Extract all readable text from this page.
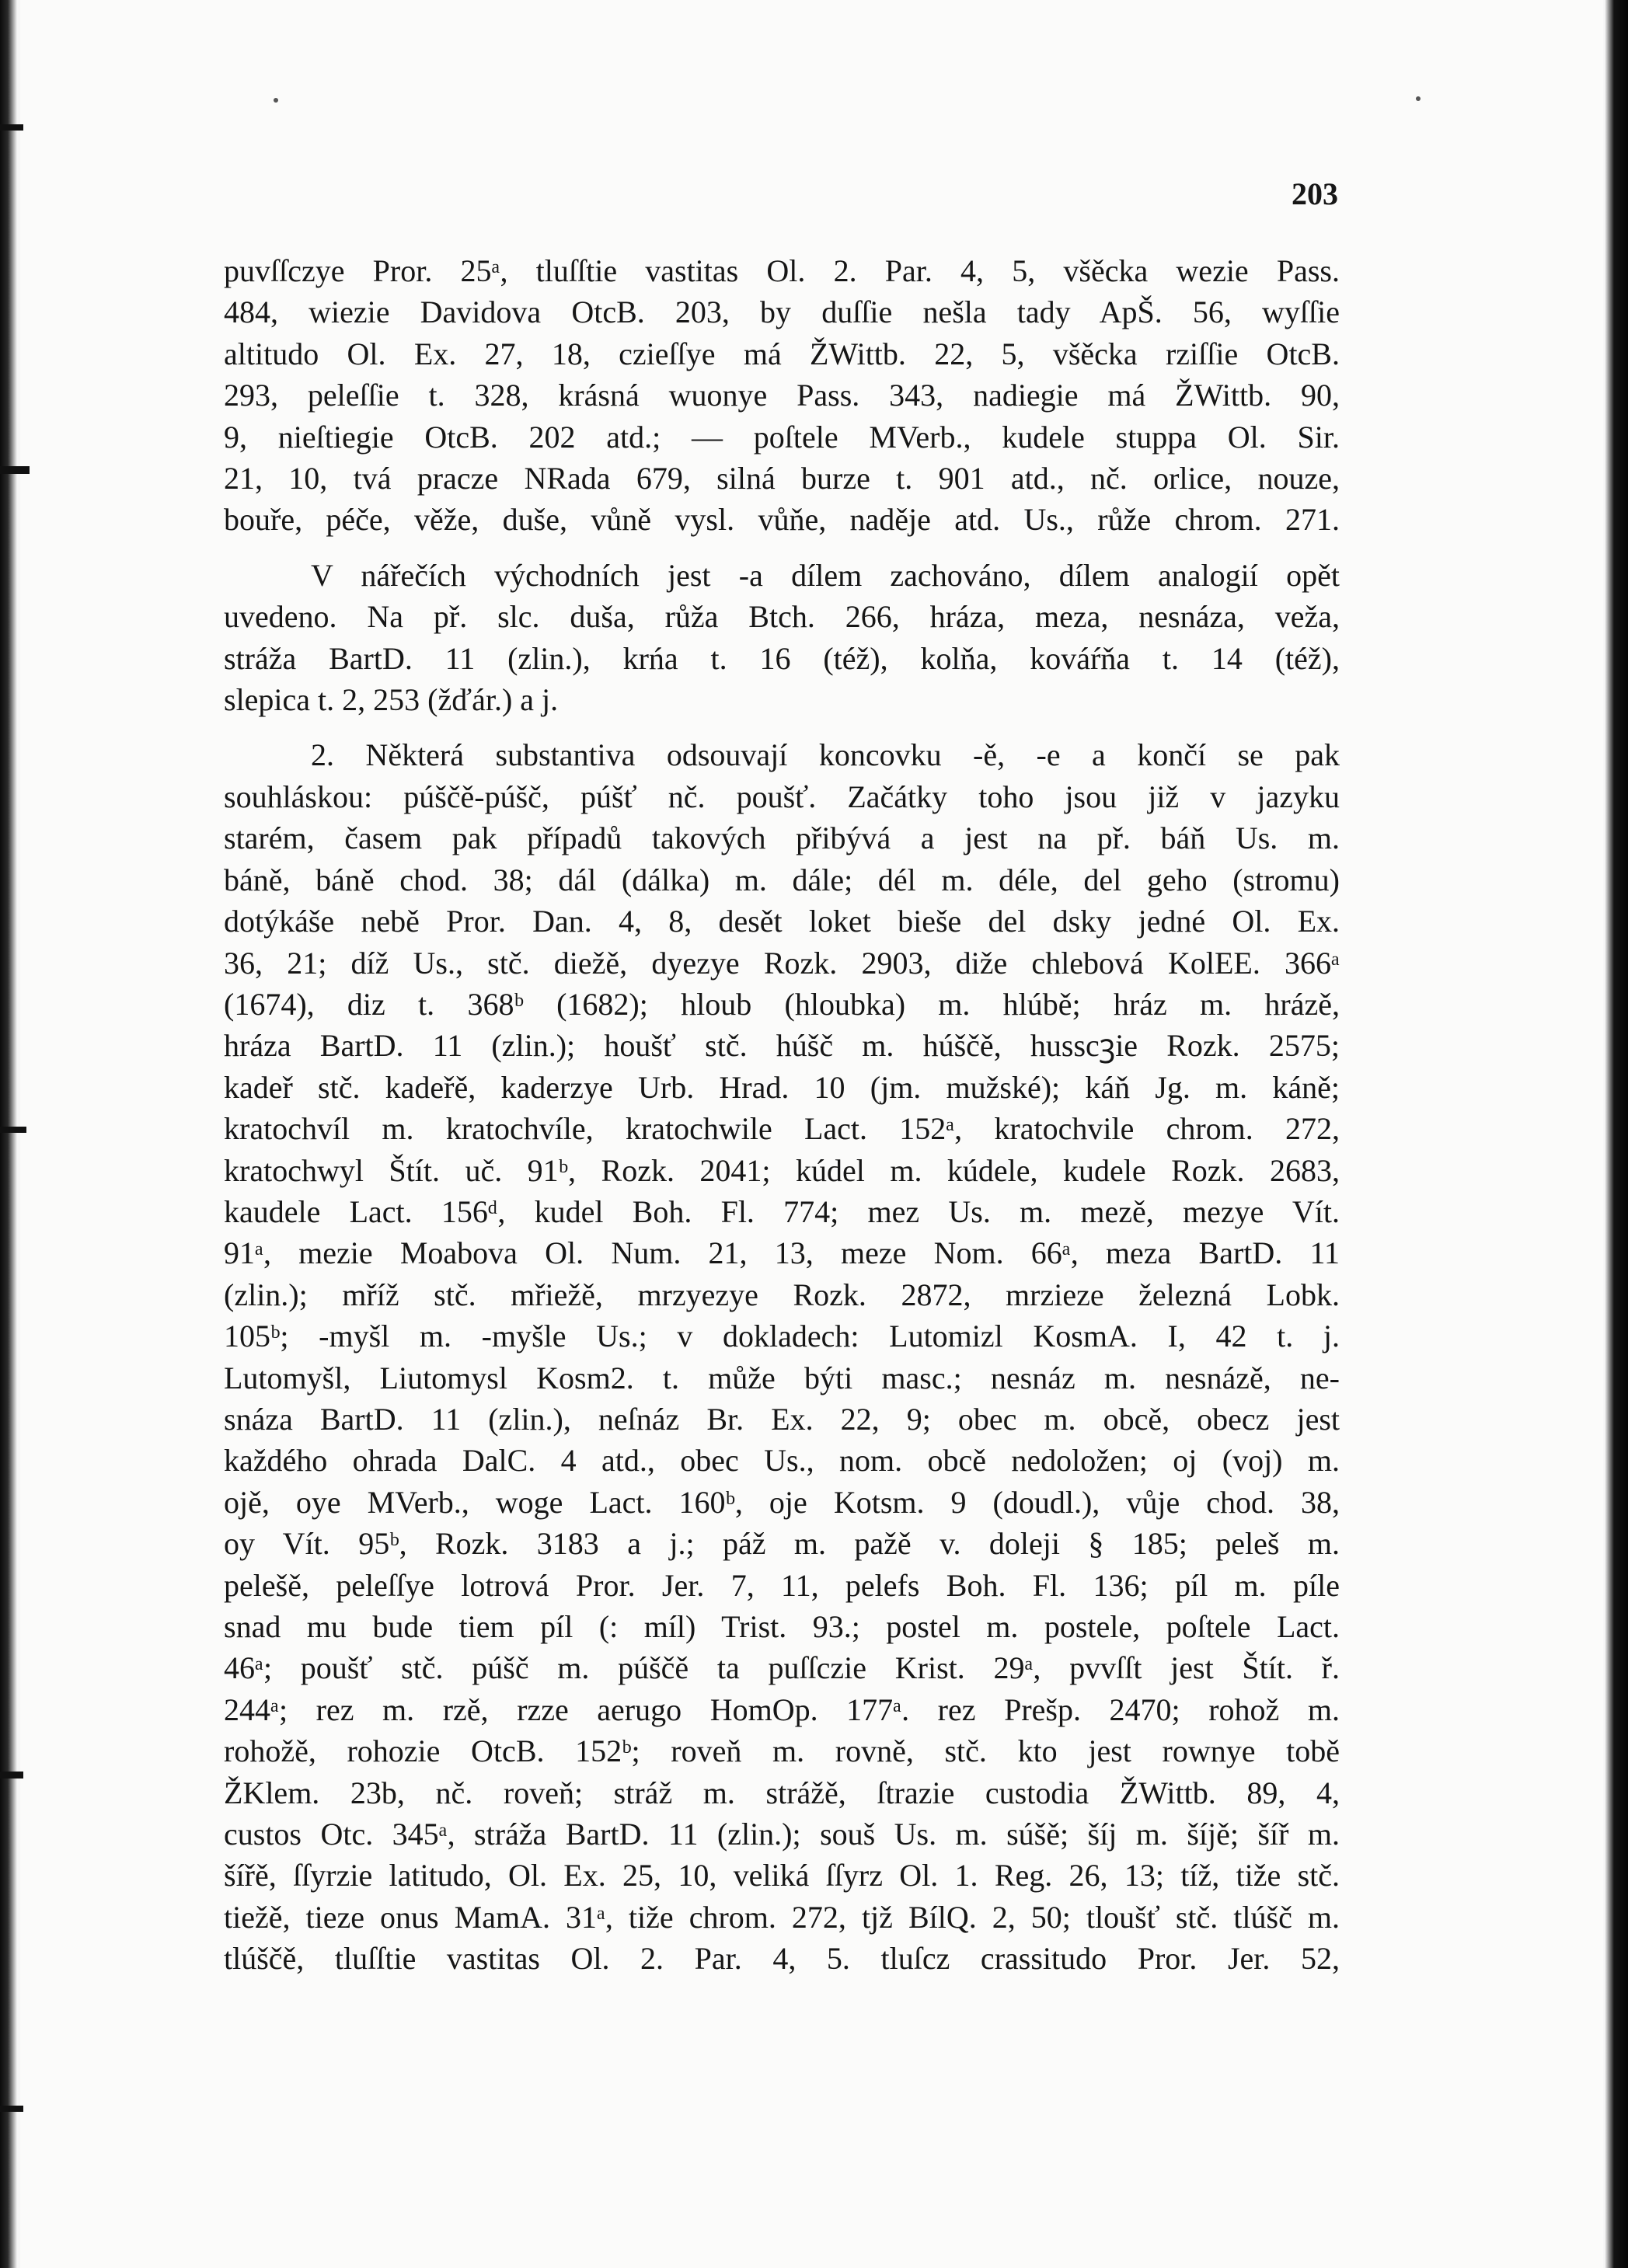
203
puvſſczye Pror. 25ᵃ, tluſſtie vastitas Ol. 2. Par. 4, 5, všěcka wezie Pass.
484, wiezie Davidova OtcB. 203, by duſſie nešla tady ApŠ. 56, wyſſie
altitudo Ol. Ex. 27, 18, czieſſye má ŽWittb. 22, 5, všěcka rziſſie OtcB.
293, peleſſie t. 328, krásná wuonye Pass. 343, nadiegie má ŽWittb. 90,
9, nieſtiegie OtcB. 202 atd.; — poſtele MVerb., kudele stuppa Ol. Sir.
21, 10, tvá pracze NRada 679, silná burze t. 901 atd., nč. orlice, nouze,
bouře, péče, věže, duše, vůně vysl. vůňe, naděje atd. Us., růže chrom. 271.
V nářečích východních jest -a dílem zachováno, dílem analogií opět
uvedeno. Na př. slc. duša, růža Btch. 266, hráza, meza, nesnáza, veža,
stráža BartD. 11 (zlin.), krńa t. 16 (též), kolňa, kováŕňa t. 14 (též),
slepica t. 2, 253 (žďár.) a j.
2. Některá substantiva odsouvají koncovku -ě, -e a končí se pak
souhláskou: púščě-púšč, púšť nč. poušť. Začátky toho jsou již v jazyku
starém, časem pak případů takových přibývá a jest na př. báň Us. m.
báně, báně chod. 38; dál (dálka) m. dále; dél m. déle, del geho (stromu)
dotýkáše nebě Pror. Dan. 4, 8, desět loket bieše del dsky jedné Ol. Ex.
36, 21; díž Us., stč. diežě, dyezye Rozk. 2903, diže chlebová KolEE. 366ᵃ
(1674), diz t. 368ᵇ (1682); hloub (hloubka) m. hlúbě; hráz m. hrázě,
hráza BartD. 11 (zlin.); houšť stč. húšč m. húščě, husscꝫie Rozk. 2575;
kadeř stč. kadeřě, kaderzye Urb. Hrad. 10 (jm. mužské); káň Jg. m. káně;
kratochvíl m. kratochvíle, kratochwile Lact. 152ᵃ, kratochvile chrom. 272,
kratochwyl Štít. uč. 91ᵇ, Rozk. 2041; kúdel m. kúdele, kudele Rozk. 2683,
kaudele Lact. 156ᵈ, kudel Boh. Fl. 774; mez Us. m. mezě, mezye Vít.
91ᵃ, mezie Moabova Ol. Num. 21, 13, meze Nom. 66ᵃ, meza BartD. 11
(zlin.); mříž stč. mřiežě, mrzyezye Rozk. 2872, mrzieze železná Lobk.
105ᵇ; -myšl m. -myšle Us.; v dokladech: Lutomizl KosmA. I, 42 t. j.
Lutomyšl, Liutomysl Kosm2. t. může býti masc.; nesnáz m. nesnázě, ne-
snáza BartD. 11 (zlin.), neſnáz Br. Ex. 22, 9; obec m. obcě, obecz jest
každého ohrada DalC. 4 atd., obec Us., nom. obcě nedoložen; oj (voj) m.
ojě, oye MVerb., woge Lact. 160ᵇ, oje Kotsm. 9 (doudl.), vůje chod. 38,
oy Vít. 95ᵇ, Rozk. 3183 a j.; páž m. pažě v. doleji § 185; peleš m.
pelešě, peleſſye lotrová Pror. Jer. 7, 11, pelefs Boh. Fl. 136; píl m. píle
snad mu bude tiem píl (: míl) Trist. 93.; postel m. postele, poſtele Lact.
46ᵃ; poušť stč. púšč m. púščě ta puſſczie Krist. 29ᵃ, pvvſſt jest Štít. ř.
244ᵃ; rez m. rzě, rzze aerugo HomOp. 177ᵃ. rez Prešp. 2470; rohož m.
rohožě, rohozie OtcB. 152ᵇ; roveň m. rovně, stč. kto jest rownye tobě
ŽKlem. 23b, nč. roveň; stráž m. strážě, ſtrazie custodia ŽWittb. 89, 4,
custos Otc. 345ᵃ, stráža BartD. 11 (zlin.); souš Us. m. súšě; šíj m. šíjě; šíř m.
šířě, ſſyrzie latitudo, Ol. Ex. 25, 10, veliká ſſyrz Ol. 1. Reg. 26, 13; tíž, tiže stč.
tiežě, tieze onus MamA. 31ᵃ, tiže chrom. 272, tjž BílQ. 2, 50; tloušť stč. tlúšč m.
tlúščě, tluſſtie vastitas Ol. 2. Par. 4, 5. tluſcz crassitudo Pror. Jer. 52,
